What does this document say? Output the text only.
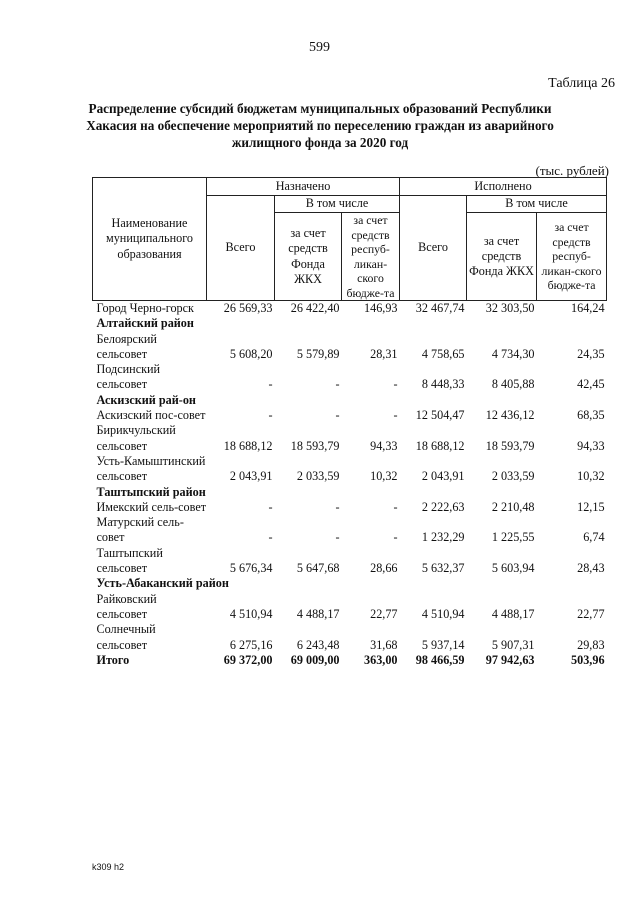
599
Таблица 26
Распределение субсидий бюджетам муниципальных образований Республики Хакасия на обеспечение мероприятий по переселению граждан из аварийного жилищного фонда за 2020 год
(тыс. рублей)
Наименование муниципального образования	Назначено			Исполнено		
	Всего	В том числе		Всего	В том числе	
		за счет средств Фонда ЖКХ	за счет средств респуб-ликан-ского бюдже-та		за счет средств Фонда ЖКХ	за счет средств респуб-ликан-ского бюдже-та
Город Черно-горск	26 569,33	26 422,40	146,93	32 467,74	32 303,50	164,24
Алтайский район						
Белоярский сельсовет	5 608,20	5 579,89	28,31	4 758,65	4 734,30	24,35
Подсинский сельсовет	-	-	-	8 448,33	8 405,88	42,45
Аскизский рай-он						
Аскизский пос-совет	-	-	-	12 504,47	12 436,12	68,35
Бирикчульский сельсовет	18 688,12	18 593,79	94,33	18 688,12	18 593,79	94,33
Усть-Камыштинский сельсовет	2 043,91	2 033,59	10,32	2 043,91	2 033,59	10,32
Таштыпский район						
Имекский сель-совет	-	-	-	2 222,63	2 210,48	12,15
Матурский сель-совет	-	-	-	1 232,29	1 225,55	6,74
Таштыпский сельсовет	5 676,34	5 647,68	28,66	5 632,37	5 603,94	28,43
Усть-Абаканский район						
Райковский сельсовет	4 510,94	4 488,17	22,77	4 510,94	4 488,17	22,77
Солнечный сельсовет	6 275,16	6 243,48	31,68	5 937,14	5 907,31	29,83
Итого	69 372,00	69 009,00	363,00	98 466,59	97 942,63	503,96
k309 h2
